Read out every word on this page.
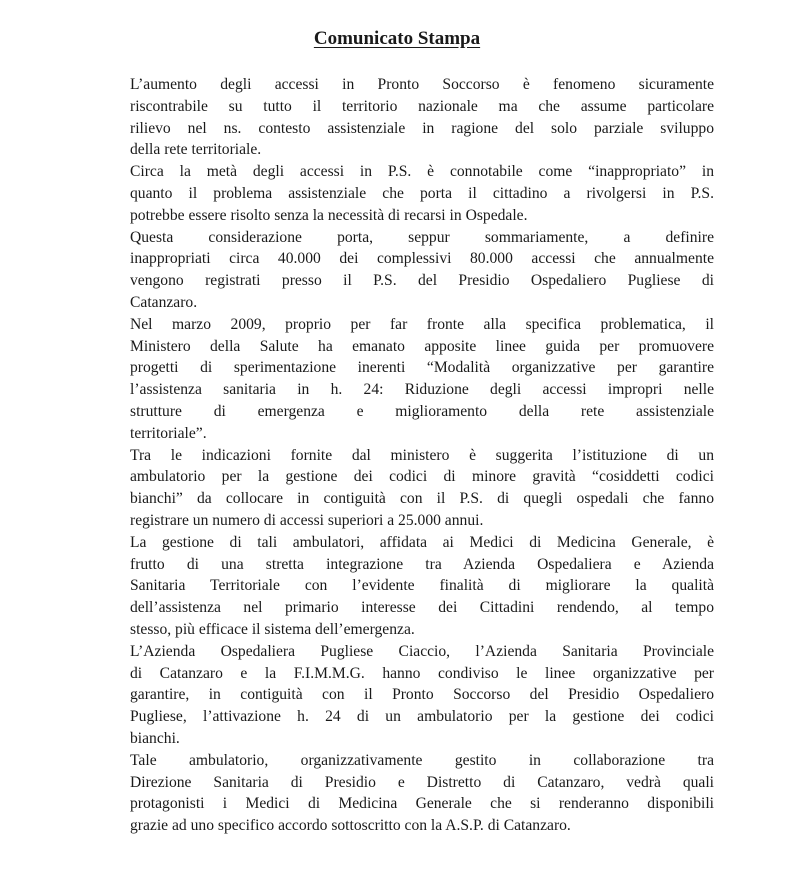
Comunicato Stampa
L’aumento degli accessi in Pronto Soccorso è fenomeno sicuramente
riscontrabile su tutto il territorio nazionale ma che assume particolare
rilievo nel ns. contesto assistenziale in ragione del solo parziale sviluppo
della rete territoriale.
Circa la metà degli accessi in P.S. è connotabile come “inappropriato” in
quanto il problema assistenziale che porta il cittadino a rivolgersi in P.S.
potrebbe essere risolto senza la necessità di recarsi in Ospedale.
Questa considerazione porta, seppur sommariamente, a definire
inappropriati circa 40.000 dei complessivi 80.000 accessi che annualmente
vengono registrati presso il P.S. del Presidio Ospedaliero Pugliese di
Catanzaro.
Nel marzo 2009, proprio per far fronte alla specifica problematica, il
Ministero della Salute ha emanato apposite linee guida per promuovere
progetti di sperimentazione inerenti “Modalità organizzative per garantire
l’assistenza sanitaria in h. 24: Riduzione degli accessi impropri nelle
strutture di emergenza e miglioramento della rete assistenziale
territoriale”.
Tra le indicazioni fornite dal ministero è suggerita l’istituzione di un
ambulatorio per la gestione dei codici di minore gravità “cosiddetti codici
bianchi” da collocare in contiguità con il P.S. di quegli ospedali che fanno
registrare un numero di accessi superiori a 25.000 annui.
La gestione di tali ambulatori, affidata ai Medici di Medicina Generale, è
frutto di una stretta integrazione tra Azienda Ospedaliera e Azienda
Sanitaria Territoriale con l’evidente finalità di migliorare la qualità
dell’assistenza nel primario interesse dei Cittadini rendendo, al tempo
stesso, più efficace il sistema dell’emergenza.
L’Azienda Ospedaliera Pugliese Ciaccio, l’Azienda Sanitaria Provinciale
di Catanzaro e la F.I.M.M.G. hanno condiviso le linee organizzative per
garantire, in contiguità con il Pronto Soccorso del Presidio Ospedaliero
Pugliese, l’attivazione h. 24 di un ambulatorio per la gestione dei codici
bianchi.
Tale ambulatorio, organizzativamente gestito in collaborazione tra
Direzione Sanitaria di Presidio e Distretto di Catanzaro, vedrà quali
protagonisti i Medici di Medicina Generale che si renderanno disponibili
grazie ad uno specifico accordo sottoscritto con la A.S.P. di Catanzaro.
